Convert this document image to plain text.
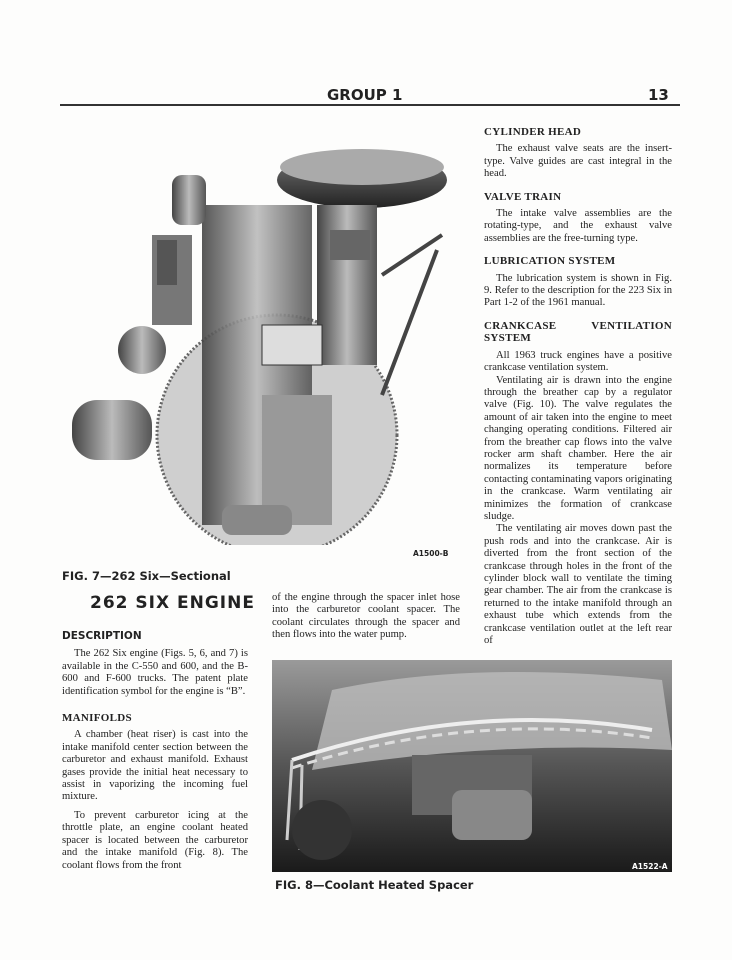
GROUP 1	13
A1500-B
FIG. 7—262 Six—Sectional
262 SIX ENGINE
DESCRIPTION

The 262 Six engine (Figs. 5, 6, and 7) is available in the C-550 and 600, and the B-600 and F-600 trucks. The patent plate identification symbol for the engine is “B”.

MANIFOLDS

A chamber (heat riser) is cast into the intake manifold center section between the carburetor and exhaust manifold. Exhaust gases provide the initial heat necessary to assist in vaporizing the incoming fuel mixture.

To prevent carburetor icing at the throttle plate, an engine coolant heated spacer is located between the carburetor and the intake manifold (Fig. 8). The coolant flows from the front

of the engine through the spacer inlet hose into the carburetor coolant spacer. The coolant circulates through the spacer and then flows into the water pump.

CYLINDER HEAD

The exhaust valve seats are the insert-type. Valve guides are cast integral in the head.

VALVE TRAIN

The intake valve assemblies are the rotating-type, and the exhaust valve assemblies are the free-turning type.

LUBRICATION SYSTEM

The lubrication system is shown in Fig. 9. Refer to the description for the 223 Six in Part 1-2 of the 1961 manual.

CRANKCASE VENTILATION SYSTEM

All 1963 truck engines have a positive crankcase ventilation system.

Ventilating air is drawn into the engine through the breather cap by a regulator valve (Fig. 10). The valve regulates the amount of air taken into the engine to meet changing operating conditions. Filtered air from the breather cap flows into the valve rocker arm shaft chamber. Here the air normalizes its temperature before contacting contaminating vapors originating in the crankcase. Warm ventilating air minimizes the formation of crankcase sludge.

The ventilating air moves down past the push rods and into the crankcase. Air is diverted from the front section of the crankcase through holes in the front of the cylinder block wall to ventilate the timing gear chamber. The air from the crankcase is returned to the intake manifold through an exhaust tube which extends from the crankcase ventilation outlet at the left rear of

A1522-A
FIG. 8—Coolant Heated Spacer
